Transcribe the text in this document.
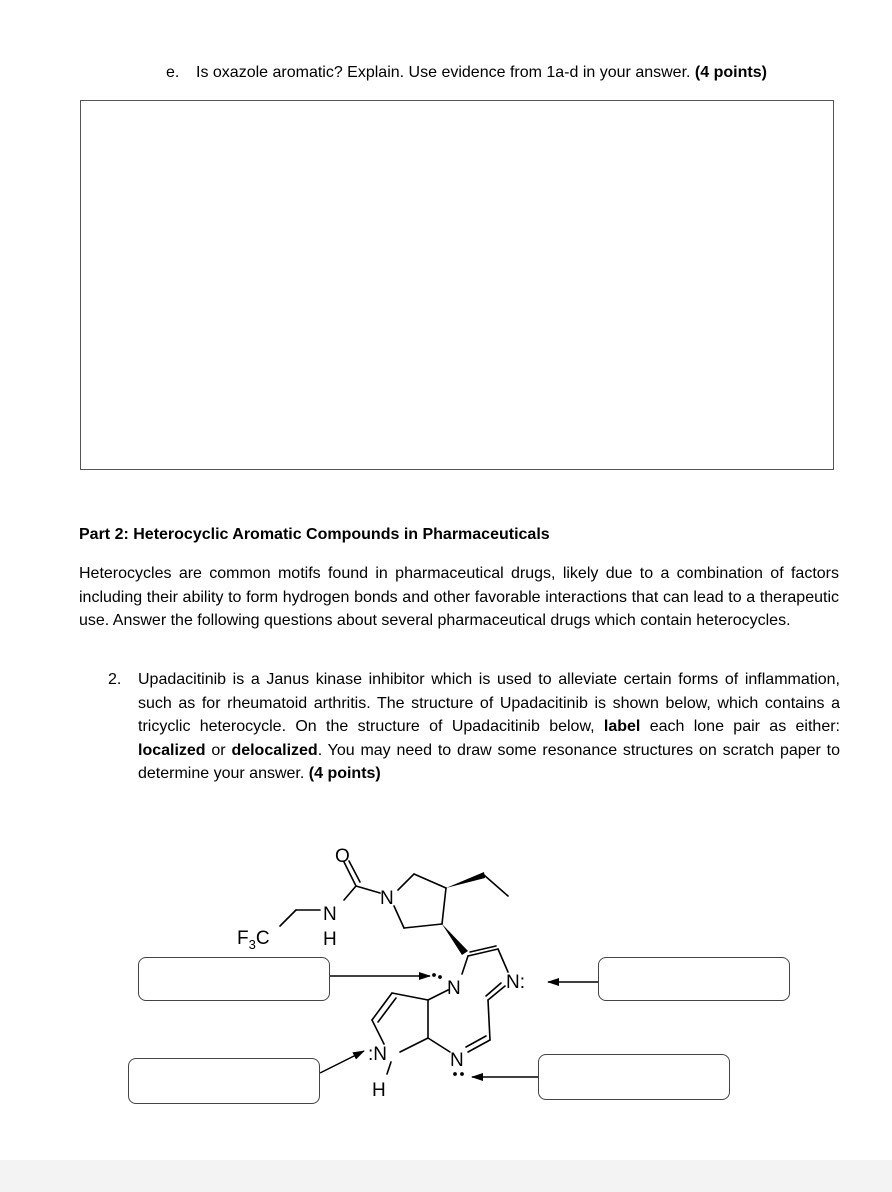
e. Is oxazole aromatic? Explain. Use evidence from 1a-d in your answer. (4 points)
Part 2: Heterocyclic Aromatic Compounds in Pharmaceuticals
Heterocycles are common motifs found in pharmaceutical drugs, likely due to a combination of factors including their ability to form hydrogen bonds and other favorable interactions that can lead to a therapeutic use. Answer the following questions about several pharmaceutical drugs which contain heterocycles.
2. Upadacitinib is a Janus kinase inhibitor which is used to alleviate certain forms of inflammation, such as for rheumatoid arthritis. The structure of Upadacitinib is shown below, which contains a tricyclic heterocycle. On the structure of Upadacitinib below, label each lone pair as either: localized or delocalized. You may need to draw some resonance structures on scratch paper to determine your answer. (4 points)
O
N
H
$F_3C$
N
N N:
:N
H
N
